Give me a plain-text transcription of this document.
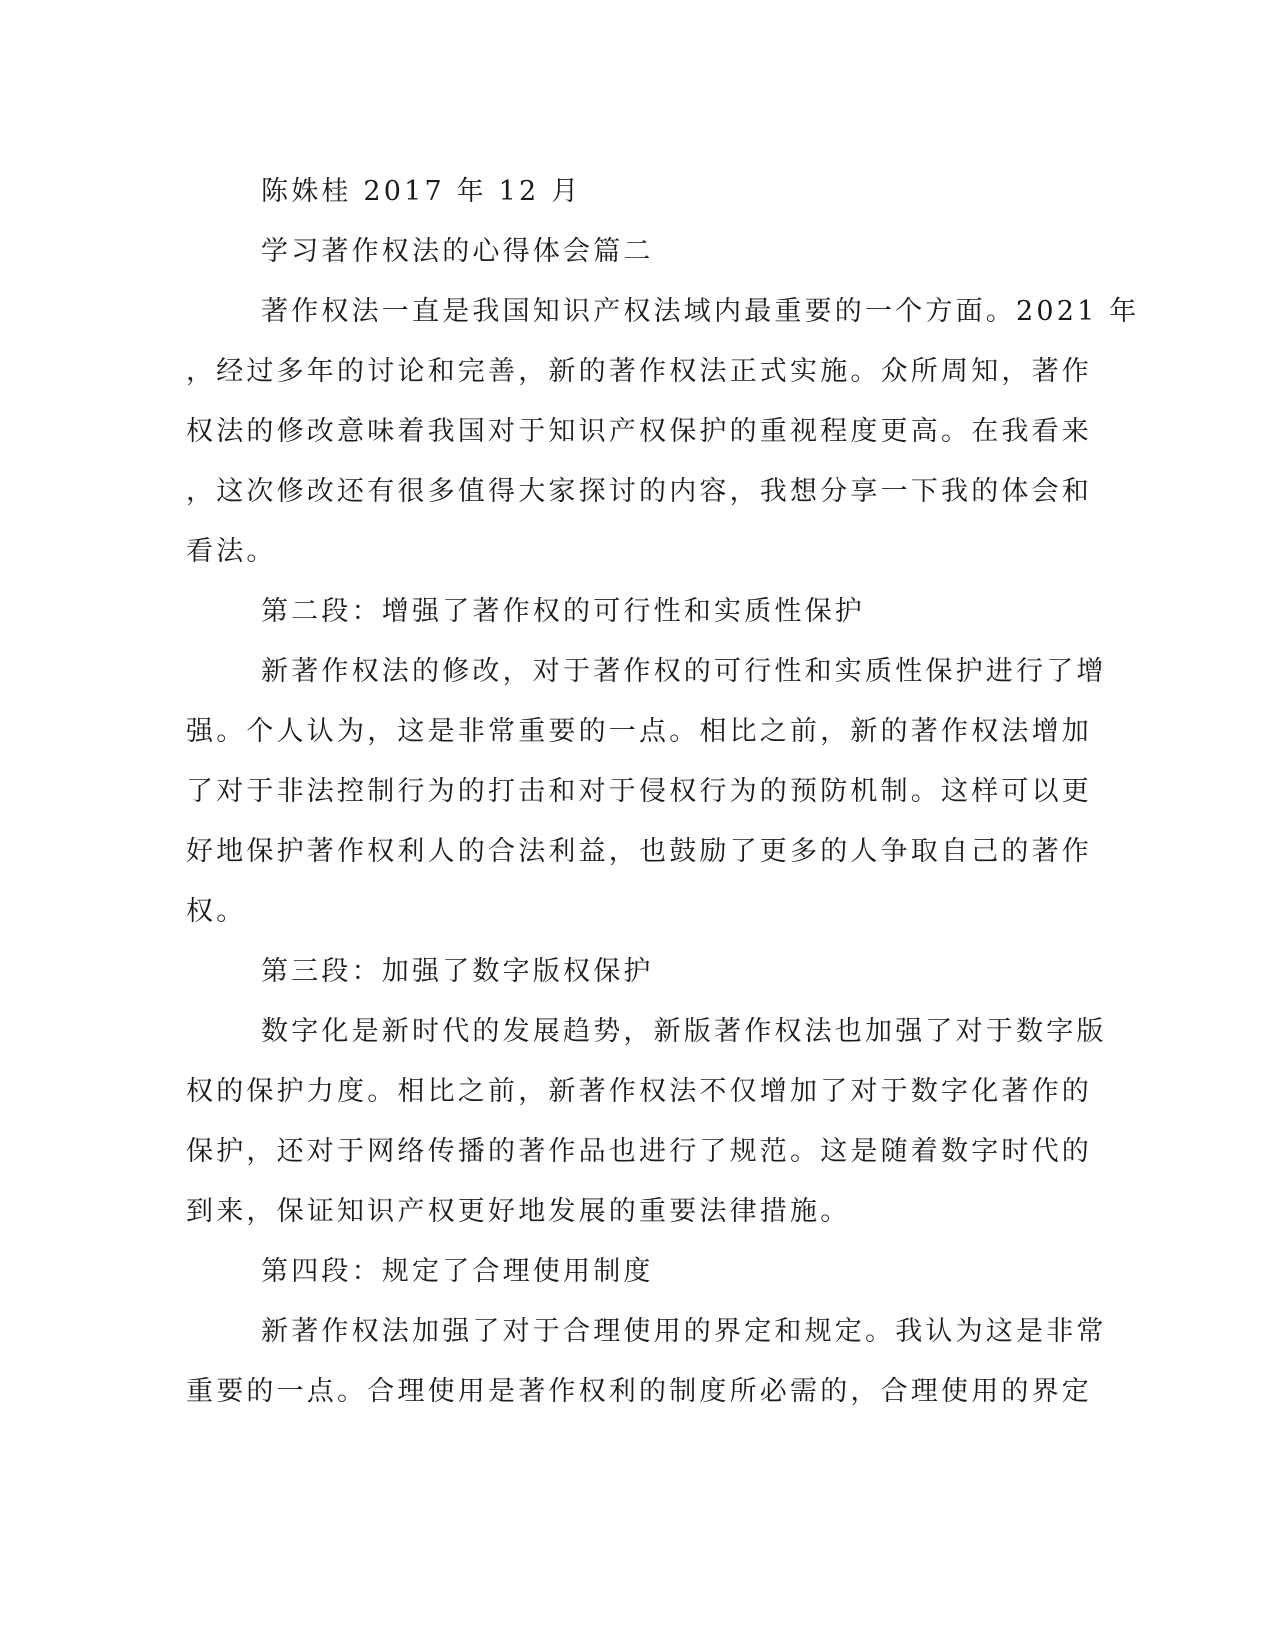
陈姝桂 2017 年 12 月
学习著作权法的心得体会篇二
著作权法一直是我国知识产权法域内最重要的一个方面。2021 年
，经过多年的讨论和完善，新的著作权法正式实施。众所周知，著作
权法的修改意味着我国对于知识产权保护的重视程度更高。在我看来
，这次修改还有很多值得大家探讨的内容，我想分享一下我的体会和
看法。
第二段：增强了著作权的可行性和实质性保护
新著作权法的修改，对于著作权的可行性和实质性保护进行了增
强。个人认为，这是非常重要的一点。相比之前，新的著作权法增加
了对于非法控制行为的打击和对于侵权行为的预防机制。这样可以更
好地保护著作权利人的合法利益，也鼓励了更多的人争取自己的著作
权。
第三段：加强了数字版权保护
数字化是新时代的发展趋势，新版著作权法也加强了对于数字版
权的保护力度。相比之前，新著作权法不仅增加了对于数字化著作的
保护，还对于网络传播的著作品也进行了规范。这是随着数字时代的
到来，保证知识产权更好地发展的重要法律措施。
第四段：规定了合理使用制度
新著作权法加强了对于合理使用的界定和规定。我认为这是非常
重要的一点。合理使用是著作权利的制度所必需的，合理使用的界定
